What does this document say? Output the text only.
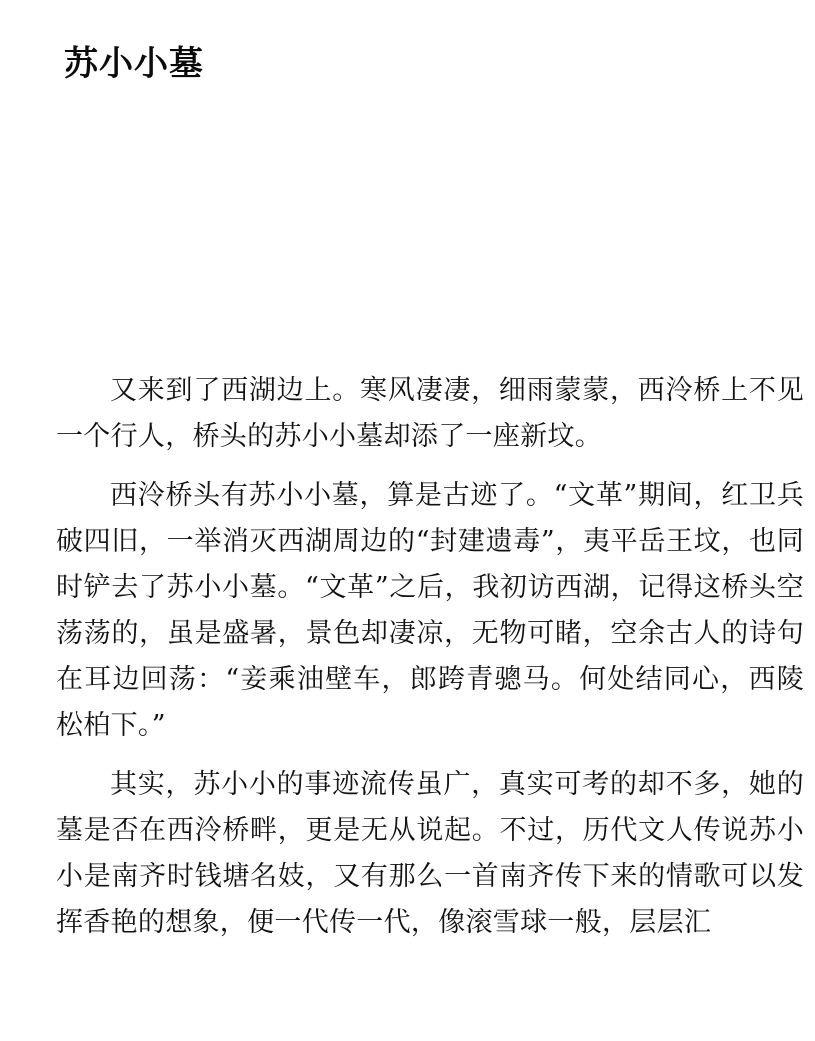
苏小小墓

又来到了西湖边上。寒风凄凄，细雨蒙蒙，西泠桥上不见一个行人，桥头的苏小小墓却添了一座新坟。

西泠桥头有苏小小墓，算是古迹了。“文革”期间，红卫兵破四旧，一举消灭西湖周边的“封建遗毒”，夷平岳王坟，也同时铲去了苏小小墓。“文革”之后，我初访西湖，记得这桥头空荡荡的，虽是盛暑，景色却凄凉，无物可睹，空余古人的诗句在耳边回荡：“妾乘油壁车，郎跨青骢马。何处结同心，西陵松柏下。”

其实，苏小小的事迹流传虽广，真实可考的却不多，她的墓是否在西泠桥畔，更是无从说起。不过，历代文人传说苏小小是南齐时钱塘名妓，又有那么一首南齐传下来的情歌可以发挥香艳的想象，便一代传一代，像滚雪球一般，层层汇
